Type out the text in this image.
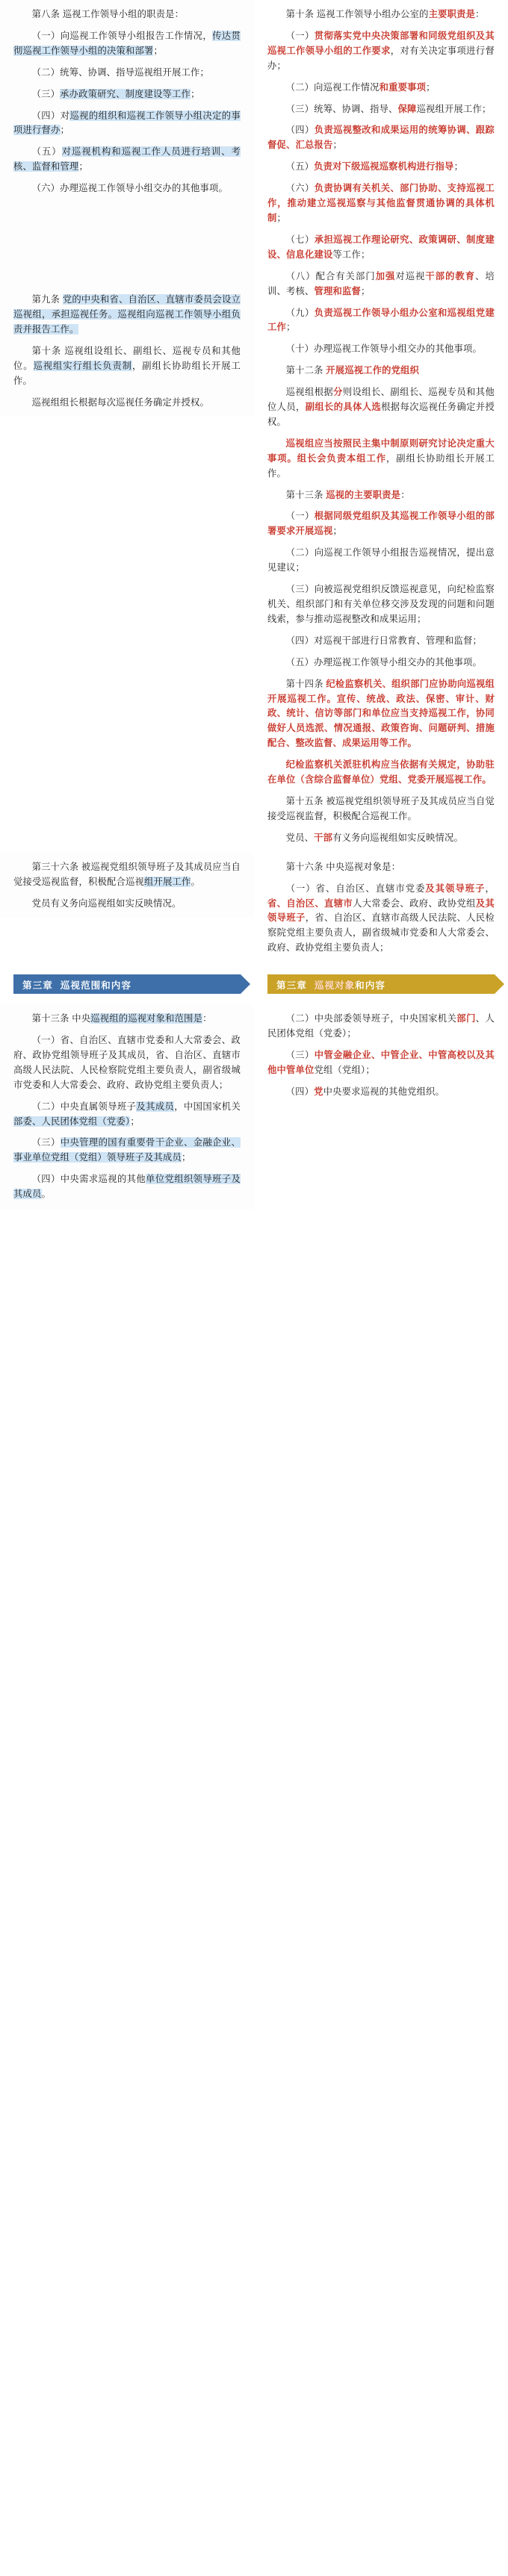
第八条 巡视工作领导小组的职责是：
（一）向巡视工作领导小组报告工作情况，传达贯彻巡视工作领导小组的决策和部署；
（二）统筹、协调、指导巡视组开展工作；
（三）承办政策研究、制度建设等工作；
（四）对巡视的组织和巡视工作领导小组决定的事项进行督办；
（五）对巡视机构和巡视工作人员进行培训、考核、监督和管理；
（六）办理巡视工作领导小组交办的其他事项。
第九条 党的中央和省、自治区、直辖市委员会设立巡视组，承担巡视任务。巡视组向巡视工作领导小组负责并报告工作。
第十条 巡视组设组长、副组长、巡视专员和其他位。巡视组实行组长负责制，副组长协助组长开展工作。
巡视组组长根据每次巡视任务确定并授权。
第十条 巡视工作领导小组办公室的主要职责是：
（一）贯彻落实党中央决策部署和同级党组织及其巡视工作领导小组的工作要求，对有关决定事项进行督办；
（二）向巡视工作情况和重要事项；
（三）统筹、协调、指导、保障巡视组开展工作；
（四）负责巡视整改和成果运用的统筹协调、跟踪督促、汇总报告；
（五）负责对下级巡视巡察机构进行指导；
（六）负责协调有关机关、部门协助、支持巡视工作，推动建立巡视巡察与其他监督贯通协调的具体机制；
（七）承担巡视工作理论研究、政策调研、制度建设、信息化建设等工作；
（八）配合有关部门加强对巡视干部的教育、培训、考核、管理和监督；
（九）负责巡视工作领导小组办公室和巡视组党建工作；
（十）办理巡视工作领导小组交办的其他事项。
第十二条 开展巡视工作的党组织
巡视组根据分则设组长、副组长、巡视专员和其他位人员，副组长的具体人选根据每次巡视任务确定并授权。
巡视组应当按照民主集中制原则研究讨论决定重大事项。组长会负责本组工作，副组长协助组长开展工作。
第十三条 巡视的主要职责是：
（一）根据同级党组织及其巡视工作领导小组的部署要求开展巡视；
（二）向巡视工作领导小组报告巡视情况，提出意见建议；
（三）向被巡视党组织反馈巡视意见，向纪检监察机关、组织部门和有关单位移交涉及发现的问题和问题线索，参与推动巡视整改和成果运用；
（四）对巡视干部进行日常教育、管理和监督；
（五）办理巡视工作领导小组交办的其他事项。
第十四条 纪检监察机关、组织部门应协助向巡视组开展巡视工作。宣传、统战、政法、保密、审计、财政、统计、信访等部门和单位应当支持巡视工作，协同做好人员选派、情况通报、政策咨询、问题研判、措施配合、整改监督、成果运用等工作。
纪检监察机关派驻机构应当依据有关规定，协助驻在单位（含综合监督单位）党组、党委开展巡视工作。
第十五条 被巡视党组织领导班子及其成员应当自觉接受巡视监督，积极配合巡视工作。
党员、干部有义务向巡视组如实反映情况。
第三十六条 被巡视党组织领导班子及其成员应当自觉接受巡视监督，积极配合巡视组开展工作。
党员有义务向巡视组如实反映情况。
第十六条 中央巡视对象是：
（一）省、自治区、直辖市党委及其领导班子，省、自治区、直辖市人大常委会、政府、政协党组及其领导班子，省、自治区、直辖市高级人民法院、人民检察院党组主要负责人，副省级城市党委和人大常委会、政府、政协党组主要负责人；
第三章 巡视范围 和内容	第三章 巡视对象 和内容
第十三条 中央巡视组的巡视对象和范围是：
（一）省、自治区、直辖市党委和人大常委会、政府、政协党组领导班子及其成员，省、自治区、直辖市高级人民法院、人民检察院党组主要负责人，副省级城市党委和人大常委会、政府、政协党组主要负责人；
（二）中央直属领导班子及其成员，中国国家机关部委、人民团体党组（党委）；
（三）中央管理的国有重要骨干企业、金融企业、事业单位党组（党组）领导班子及其成员；
（四）中央需求巡视的其他单位党组织领导班子及其成员。
（二）中央部委领导班子，中央国家机关部门、人民团体党组（党委）；
（三）中管金融企业、中管企业、中管高校以及其他中管单位党组（党组）；
（四）党中央要求巡视的其他党组织。
